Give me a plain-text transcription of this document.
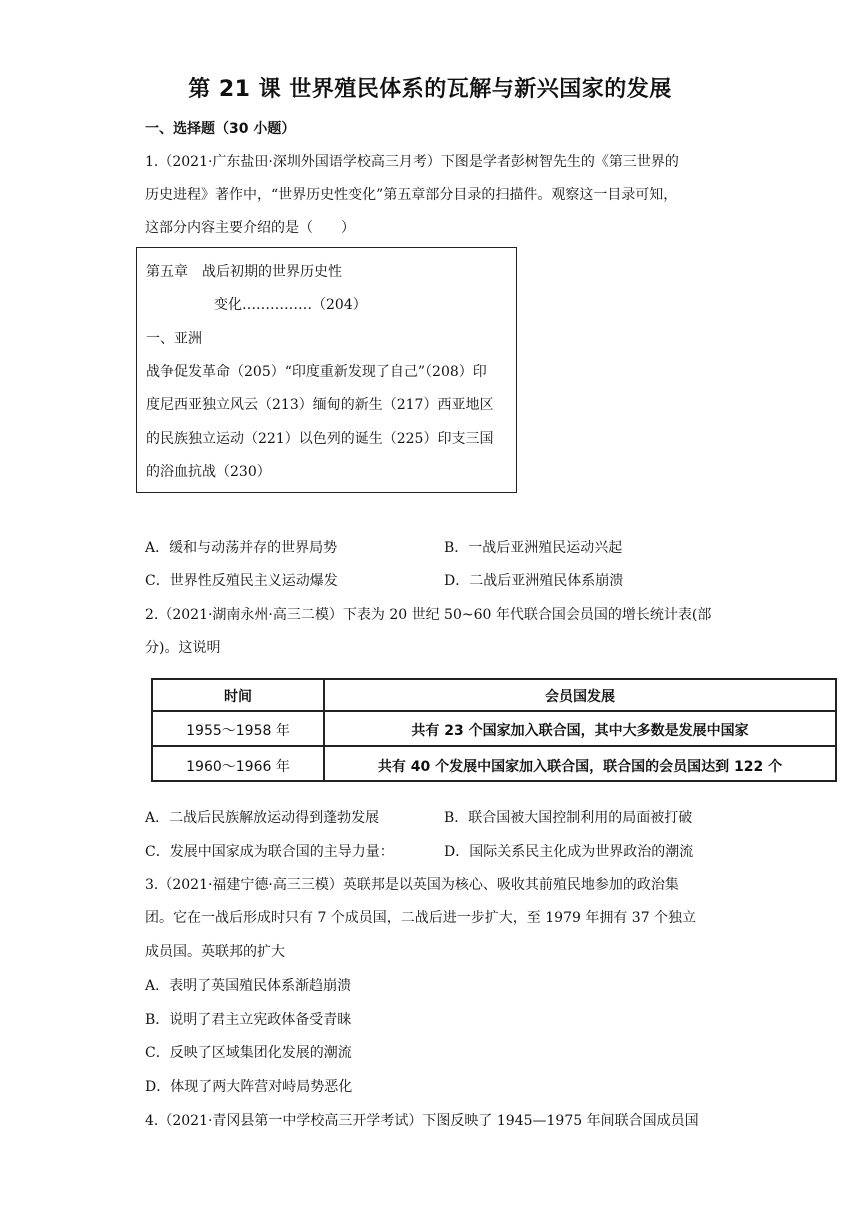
第 21 课 世界殖民体系的瓦解与新兴国家的发展
一、选择题（30 小题）
1.（2021·广东盐田·深圳外国语学校高三月考）下图是学者彭树智先生的《第三世界的
历史进程》著作中，“世界历史性变化”第五章部分目录的扫描件。观察这一目录可知，
这部分内容主要介绍的是（　　）
第五章　战后初期的世界历史性
变化……………（204）
一、亚洲
战争促发革命（205）“印度重新发现了自己”（208）印
度尼西亚独立风云（213）缅甸的新生（217）西亚地区
的民族独立运动（221）以色列的诞生（225）印支三国
的浴血抗战（230）
A．缓和与动荡并存的世界局势	B．一战后亚洲殖民运动兴起
C．世界性反殖民主义运动爆发	D．二战后亚洲殖民体系崩溃
2.（2021·湖南永州·高三二模）下表为 20 世纪 50~60 年代联合国会员国的增长统计表(部
分)。这说明
时间	会员国发展
1955～1958 年	共有 23 个国家加入联合国，其中大多数是发展中国家
1960～1966 年	共有 40 个发展中国家加入联合国，联合国的会员国达到 122 个
A．二战后民族解放运动得到蓬勃发展	B．联合国被大国控制利用的局面被打破
C．发展中国家成为联合国的主导力量：	D．国际关系民主化成为世界政治的潮流
3.（2021·福建宁德·高三三模）英联邦是以英国为核心、吸收其前殖民地参加的政治集
团。它在一战后形成时只有 7 个成员国，二战后进一步扩大，至 1979 年拥有 37 个独立
成员国。英联邦的扩大
A．表明了英国殖民体系渐趋崩溃
B．说明了君主立宪政体备受青睐
C．反映了区域集团化发展的潮流
D．体现了两大阵营对峙局势恶化
4.（2021·青冈县第一中学校高三开学考试）下图反映了 1945—1975 年间联合国成员国
